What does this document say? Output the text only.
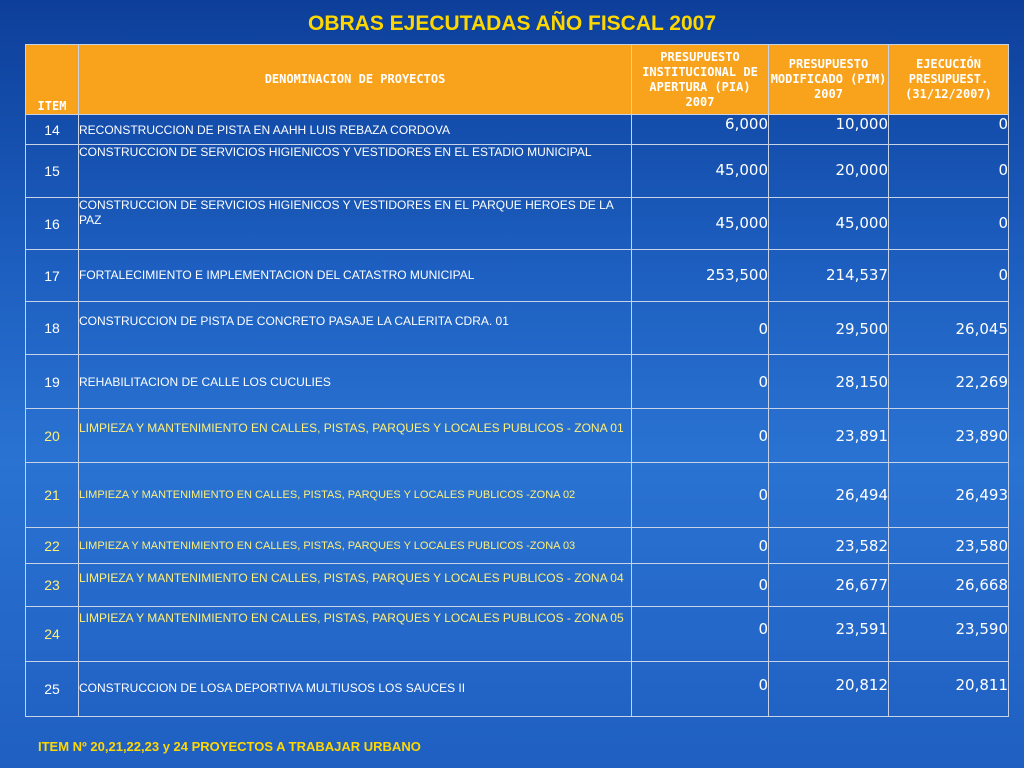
OBRAS EJECUTADAS AÑO FISCAL 2007
ITEM	DENOMINACION DE PROYECTOS	PRESUPUESTO INSTITUCIONAL DE APERTURA (PIA) 2007	PRESUPUESTO MODIFICADO (PIM) 2007	EJECUCIÓN PRESUPUEST. (31/12/2007)
14	RECONSTRUCCION DE PISTA EN AAHH LUIS REBAZA CORDOVA	6,000	10,000	0
15	CONSTRUCCION DE SERVICIOS HIGIENICOS Y VESTIDORES EN EL ESTADIO MUNICIPAL	45,000	20,000	0
16	CONSTRUCCION DE SERVICIOS HIGIENICOS Y VESTIDORES EN EL PARQUE HEROES DE LA PAZ	45,000	45,000	0
17	FORTALECIMIENTO E IMPLEMENTACION DEL CATASTRO MUNICIPAL	253,500	214,537	0
18	CONSTRUCCION DE PISTA DE CONCRETO PASAJE LA CALERITA CDRA. 01	0	29,500	26,045
19	REHABILITACION DE CALLE LOS CUCULIES	0	28,150	22,269
20	LIMPIEZA Y MANTENIMIENTO EN CALLES, PISTAS, PARQUES Y LOCALES PUBLICOS - ZONA 01	0	23,891	23,890
21	LIMPIEZA Y MANTENIMIENTO EN CALLES, PISTAS, PARQUES Y LOCALES PUBLICOS -ZONA 02	0	26,494	26,493
22	LIMPIEZA Y MANTENIMIENTO EN CALLES, PISTAS, PARQUES Y LOCALES PUBLICOS -ZONA 03	0	23,582	23,580
23	LIMPIEZA Y MANTENIMIENTO EN CALLES, PISTAS, PARQUES Y LOCALES PUBLICOS - ZONA 04	0	26,677	26,668
24	LIMPIEZA Y MANTENIMIENTO EN CALLES, PISTAS, PARQUES Y LOCALES PUBLICOS - ZONA 05	0	23,591	23,590
25	CONSTRUCCION DE LOSA DEPORTIVA MULTIUSOS LOS SAUCES II	0	20,812	20,811
ITEM Nº 20,21,22,23 y 24 PROYECTOS A TRABAJAR URBANO
